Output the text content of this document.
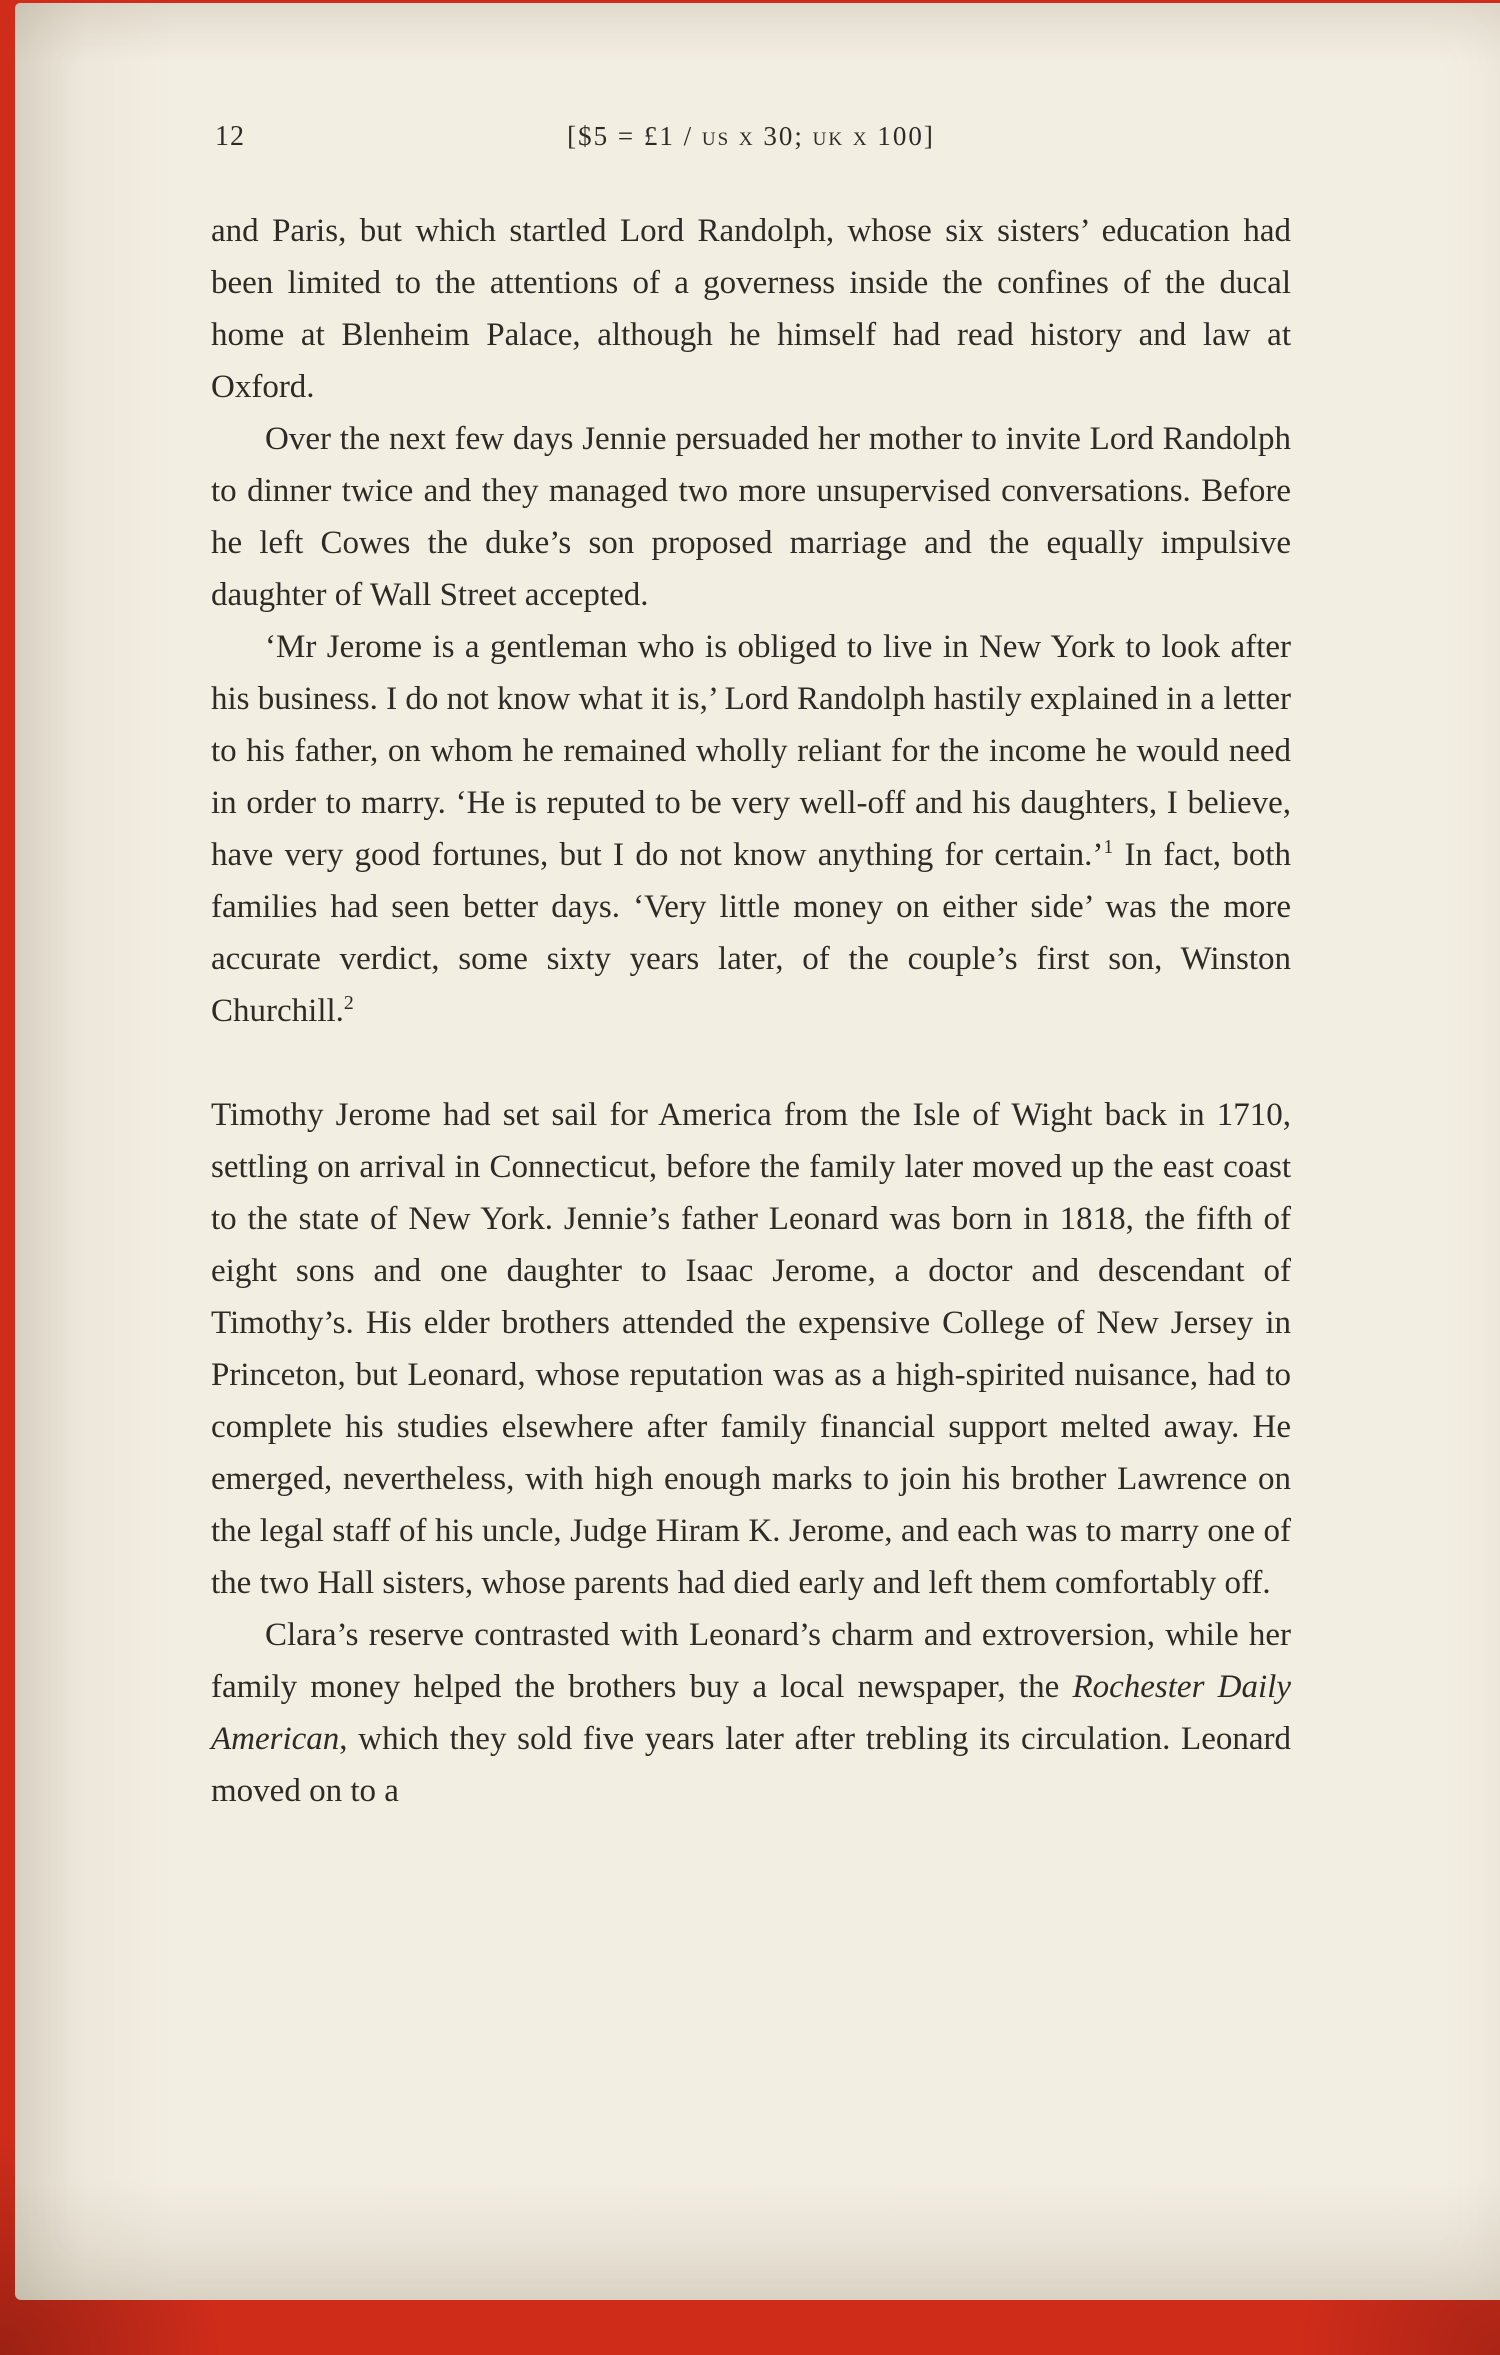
12	[$5 = £1 / us x 30; uk x 100]

and Paris, but which startled Lord Randolph, whose six sisters’ education had been limited to the attentions of a governess inside the confines of the ducal home at Blenheim Palace, although he himself had read history and law at Oxford.

Over the next few days Jennie persuaded her mother to invite Lord Randolph to dinner twice and they managed two more unsupervised conversations. Before he left Cowes the duke’s son proposed marriage and the equally impulsive daughter of Wall Street accepted.

‘Mr Jerome is a gentleman who is obliged to live in New York to look after his business. I do not know what it is,’ Lord Randolph hastily explained in a letter to his father, on whom he remained wholly reliant for the income he would need in order to marry. ‘He is reputed to be very well-off and his daughters, I believe, have very good fortunes, but I do not know anything for certain.’$^1$ In fact, both families had seen better days. ‘Very little money on either side’ was the more accurate verdict, some sixty years later, of the couple’s first son, Winston Churchill.$^2$

Timothy Jerome had set sail for America from the Isle of Wight back in 1710, settling on arrival in Connecticut, before the family later moved up the east coast to the state of New York. Jennie’s father Leonard was born in 1818, the fifth of eight sons and one daughter to Isaac Jerome, a doctor and descendant of Timothy’s. His elder brothers attended the expensive College of New Jersey in Princeton, but Leonard, whose reputation was as a high-spirited nuisance, had to complete his studies elsewhere after family financial support melted away. He emerged, nevertheless, with high enough marks to join his brother Lawrence on the legal staff of his uncle, Judge Hiram K. Jerome, and each was to marry one of the two Hall sisters, whose parents had died early and left them comfortably off.

Clara’s reserve contrasted with Leonard’s charm and extroversion, while her family money helped the brothers buy a local newspaper, the Rochester Daily American, which they sold five years later after trebling its circulation. Leonard moved on to a
